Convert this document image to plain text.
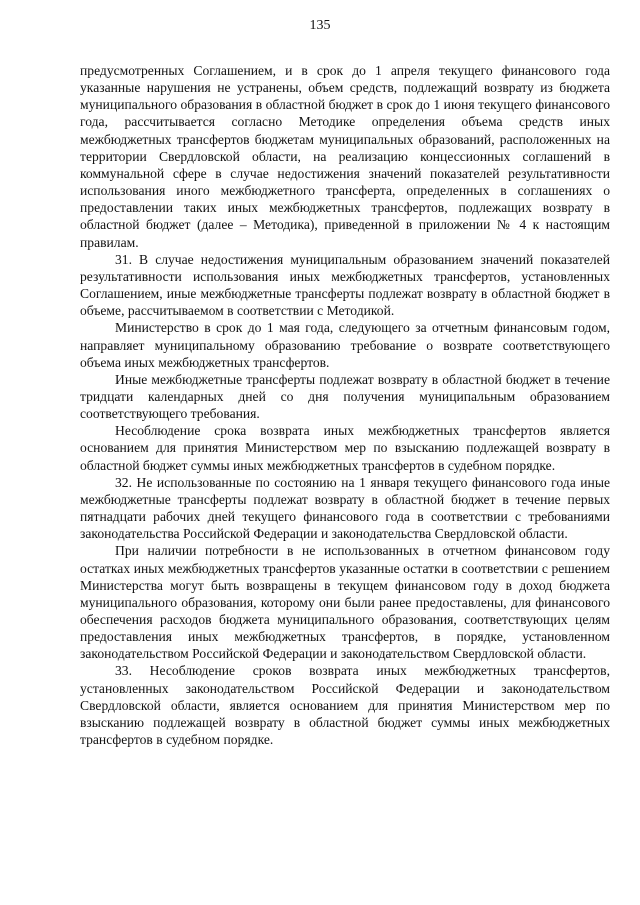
135

предусмотренных Соглашением, и в срок до 1 апреля текущего финансового года указанные нарушения не устранены, объем средств, подлежащий возврату из бюджета муниципального образования в областной бюджет в срок до 1 июня текущего финансового года, рассчитывается согласно Методике определения объема средств иных межбюджетных трансфертов бюджетам муниципальных образований, расположенных на территории Свердловской области, на реализацию концессионных соглашений в коммунальной сфере в случае недостижения значений показателей результативности использования иного межбюджетного трансферта, определенных в соглашениях о предоставлении таких иных межбюджетных трансфертов, подлежащих возврату в областной бюджет (далее – Методика), приведенной в приложении № 4 к настоящим правилам.

31. В случае недостижения муниципальным образованием значений показателей результативности использования иных межбюджетных трансфертов, установленных Соглашением, иные межбюджетные трансферты подлежат возврату в областной бюджет в объеме, рассчитываемом в соответствии с Методикой.

Министерство в срок до 1 мая года, следующего за отчетным финансовым годом, направляет муниципальному образованию требование о возврате соответствующего объема иных межбюджетных трансфертов.

Иные межбюджетные трансферты подлежат возврату в областной бюджет в течение тридцати календарных дней со дня получения муниципальным образованием соответствующего требования.

Несоблюдение срока возврата иных межбюджетных трансфертов является основанием для принятия Министерством мер по взысканию подлежащей возврату в областной бюджет суммы иных межбюджетных трансфертов в судебном порядке.

32. Не использованные по состоянию на 1 января текущего финансового года иные межбюджетные трансферты подлежат возврату в областной бюджет в течение первых пятнадцати рабочих дней текущего финансового года в соответствии с требованиями законодательства Российской Федерации и законодательства Свердловской области.

При наличии потребности в не использованных в отчетном финансовом году остатках иных межбюджетных трансфертов указанные остатки в соответствии с решением Министерства могут быть возвращены в текущем финансовом году в доход бюджета муниципального образования, которому они были ранее предоставлены, для финансового обеспечения расходов бюджета муниципального образования, соответствующих целям предоставления иных межбюджетных трансфертов, в порядке, установленном законодательством Российской Федерации и законодательством Свердловской области.

33. Несоблюдение сроков возврата иных межбюджетных трансфертов, установленных законодательством Российской Федерации и законодательством Свердловской области, является основанием для принятия Министерством мер по взысканию подлежащей возврату в областной бюджет суммы иных межбюджетных трансфертов в судебном порядке.
